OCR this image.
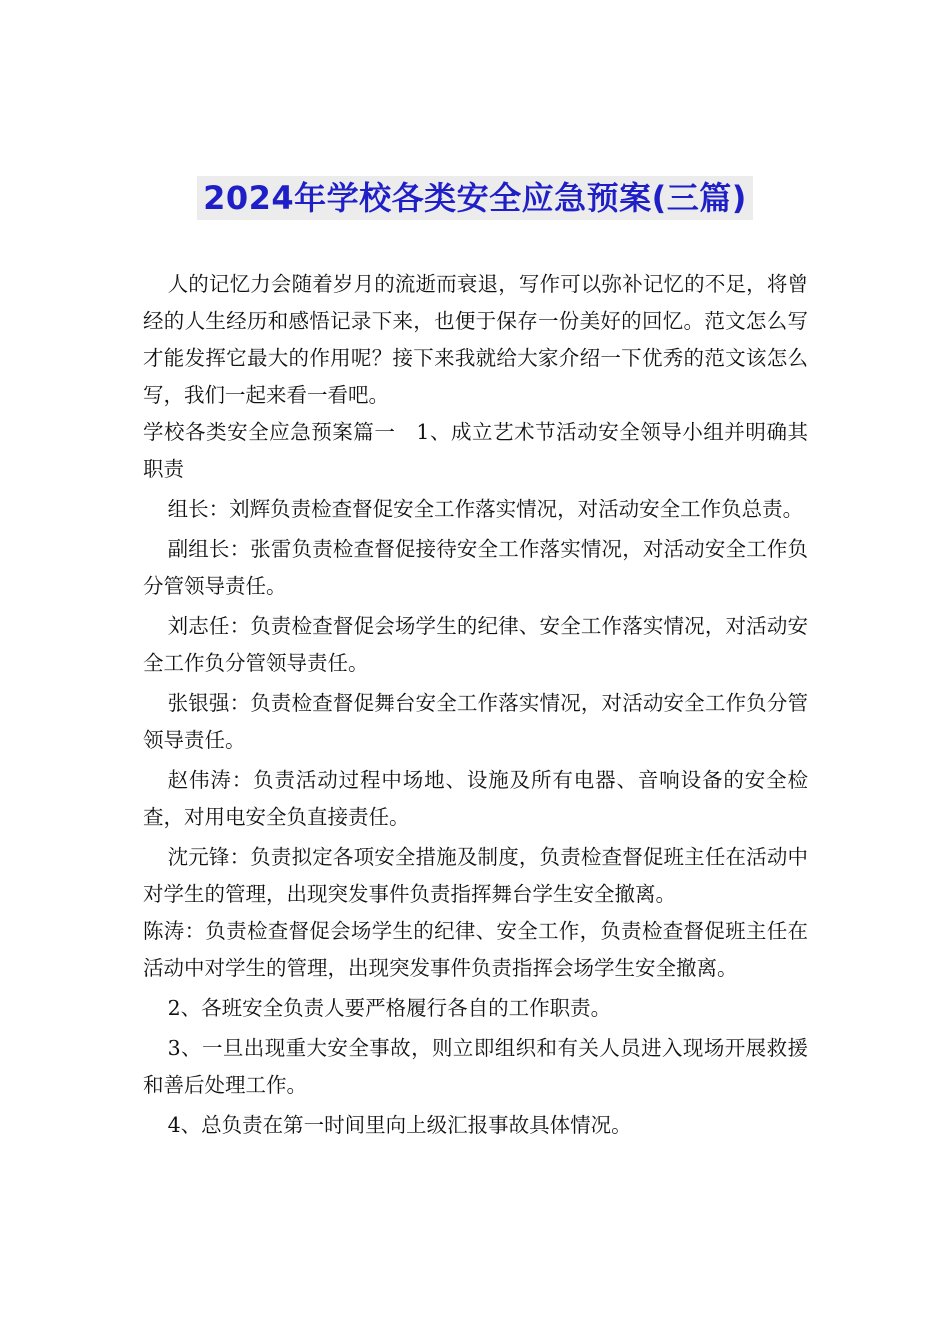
2024年学校各类安全应急预案(三篇)

人的记忆力会随着岁月的流逝而衰退，写作可以弥补记忆的不足，将曾经的人生经历和感悟记录下来，也便于保存一份美好的回忆。范文怎么写才能发挥它最大的作用呢？接下来我就给大家介绍一下优秀的范文该怎么写，我们一起来看一看吧。

学校各类安全应急预案篇一　1、成立艺术节活动安全领导小组并明确其职责

组长：刘辉负责检查督促安全工作落实情况，对活动安全工作负总责。

副组长：张雷负责检查督促接待安全工作落实情况，对活动安全工作负分管领导责任。

刘志任：负责检查督促会场学生的纪律、安全工作落实情况，对活动安全工作负分管领导责任。

张银强：负责检查督促舞台安全工作落实情况，对活动安全工作负分管领导责任。

赵伟涛：负责活动过程中场地、设施及所有电器、音响设备的安全检查，对用电安全负直接责任。

沈元锋：负责拟定各项安全措施及制度，负责检查督促班主任在活动中对学生的管理，出现突发事件负责指挥舞台学生安全撤离。

陈涛：负责检查督促会场学生的纪律、安全工作，负责检查督促班主任在活动中对学生的管理，出现突发事件负责指挥会场学生安全撤离。

2、各班安全负责人要严格履行各自的工作职责。

3、一旦出现重大安全事故，则立即组织和有关人员进入现场开展救援和善后处理工作。

4、总负责在第一时间里向上级汇报事故具体情况。
